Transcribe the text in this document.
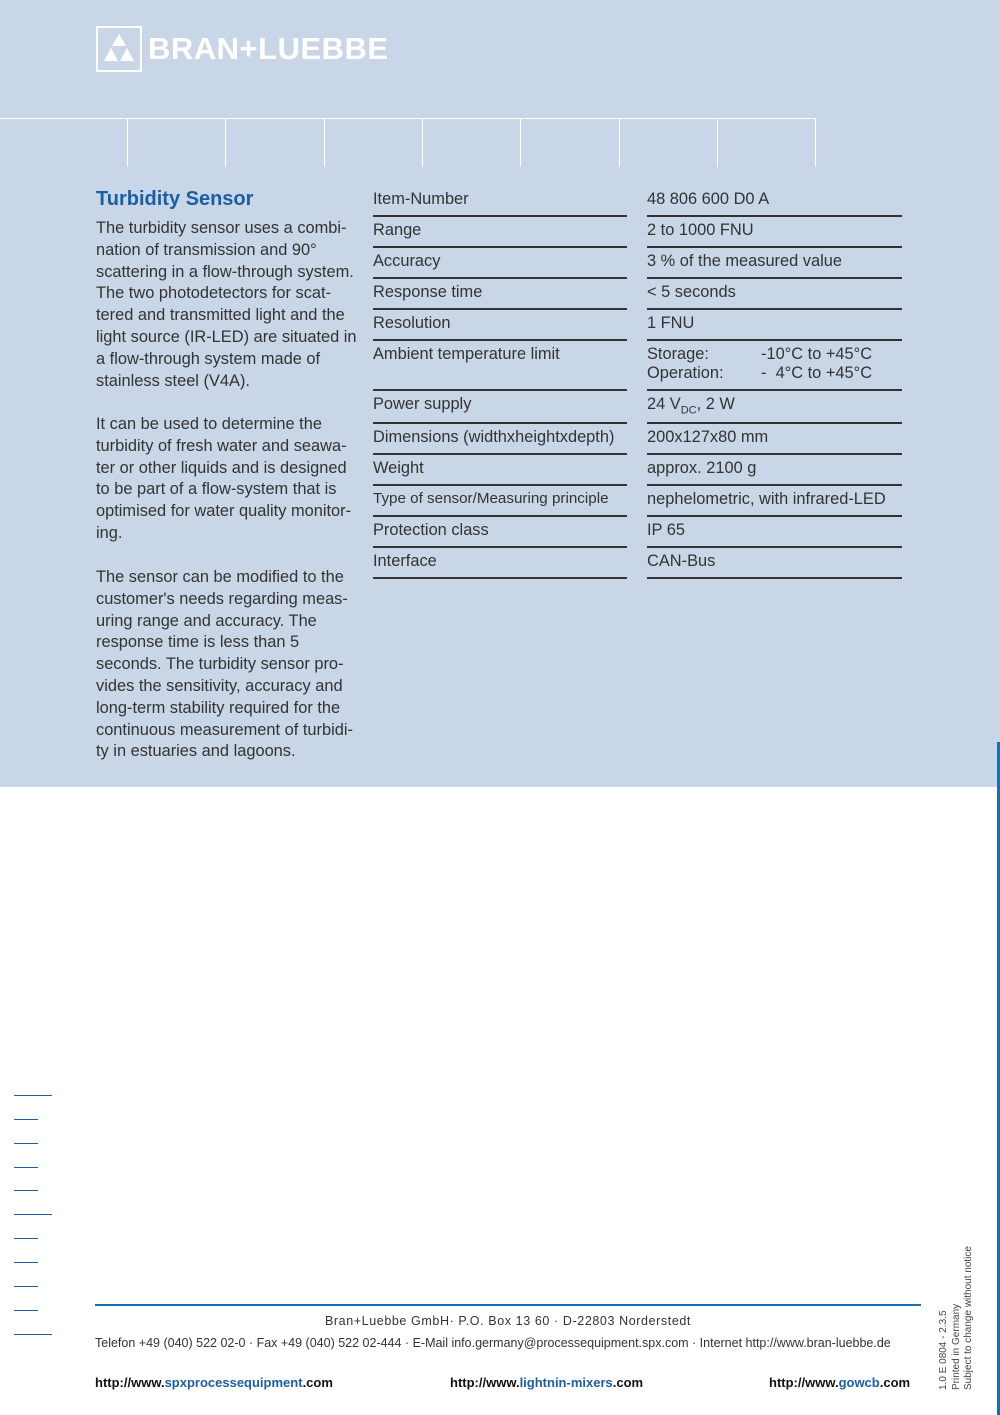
BRAN+LUEBBE
Turbidity Sensor
The turbidity sensor uses a combi-nation of transmission and 90° scattering in a flow-through system. The two photodetectors for scat-tered and transmitted light and the light source (IR-LED) are situated in a flow-through system made of stainless steel (V4A).
It can be used to determine the turbidity of fresh water and seawa-ter or other liquids and is designed to be part of a flow-system that is optimised for water quality monitor-ing.
The sensor can be modified to the customer's needs regarding meas-uring range and accuracy. The response time is less than 5 seconds. The turbidity sensor pro-vides the sensitivity, accuracy and long-term stability required for the continuous measurement of turbidi-ty in estuaries and lagoons.
Item-Number	48 806 600 D0 A
Range	2 to 1000 FNU
Accuracy	3 % of the measured value
Response time	< 5 seconds
Resolution	1 FNU
Ambient temperature limit	Storage:	-10°C to +45°C
Operation:	-  4°C to +45°C
Power supply	24 $V_{DC}$, 2 W
Dimensions (widthxheightxdepth)	200x127x80 mm
Weight	approx. 2100 g
Type of sensor/Measuring principle	nephelometric, with infrared-LED
Protection class	IP 65
Interface	CAN-Bus
Bran+Luebbe GmbH· P.O. Box 13 60 · D-22803 Norderstedt
Telefon +49 (040) 522 02-0 · Fax +49 (040) 522 02-444 · E-Mail info.germany@processequipment.spx.com · Internet http://www.bran-luebbe.de
http://www.spxprocessequipment.com	http://www.lightnin-mixers.com	http://www.gowcb.com	1.0 E 0804 - 2.3.5 Printed in Germany Subject to change without notice
